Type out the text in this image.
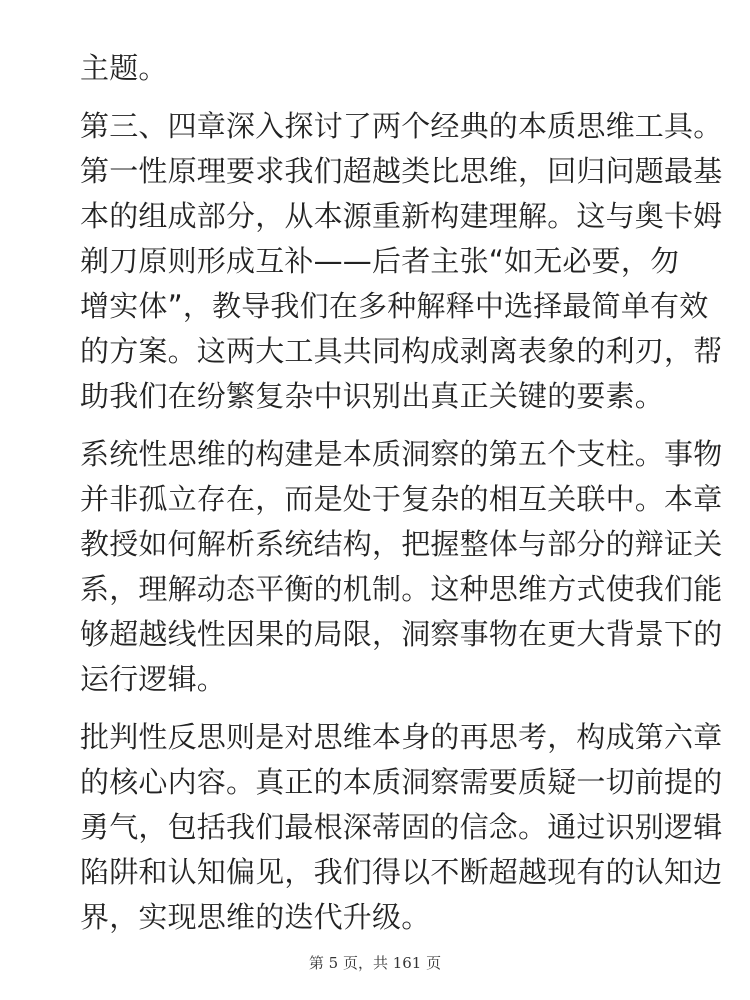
主题。

第三、四章深入探讨了两个经典的本质思维工具。
第一性原理要求我们超越类比思维，回归问题最基
本的组成部分，从本源重新构建理解。这与奥卡姆
剃刀原则形成互补——后者主张“如无必要，勿
增实体”，教导我们在多种解释中选择最简单有效
的方案。这两大工具共同构成剥离表象的利刃，帮
助我们在纷繁复杂中识别出真正关键的要素。

系统性思维的构建是本质洞察的第五个支柱。事物
并非孤立存在，而是处于复杂的相互关联中。本章
教授如何解析系统结构，把握整体与部分的辩证关
系，理解动态平衡的机制。这种思维方式使我们能
够超越线性因果的局限，洞察事物在更大背景下的
运行逻辑。

批判性反思则是对思维本身的再思考，构成第六章
的核心内容。真正的本质洞察需要质疑一切前提的
勇气，包括我们最根深蒂固的信念。通过识别逻辑
陷阱和认知偏见，我们得以不断超越现有的认知边
界，实现思维的迭代升级。

第 5 页，共 161 页
